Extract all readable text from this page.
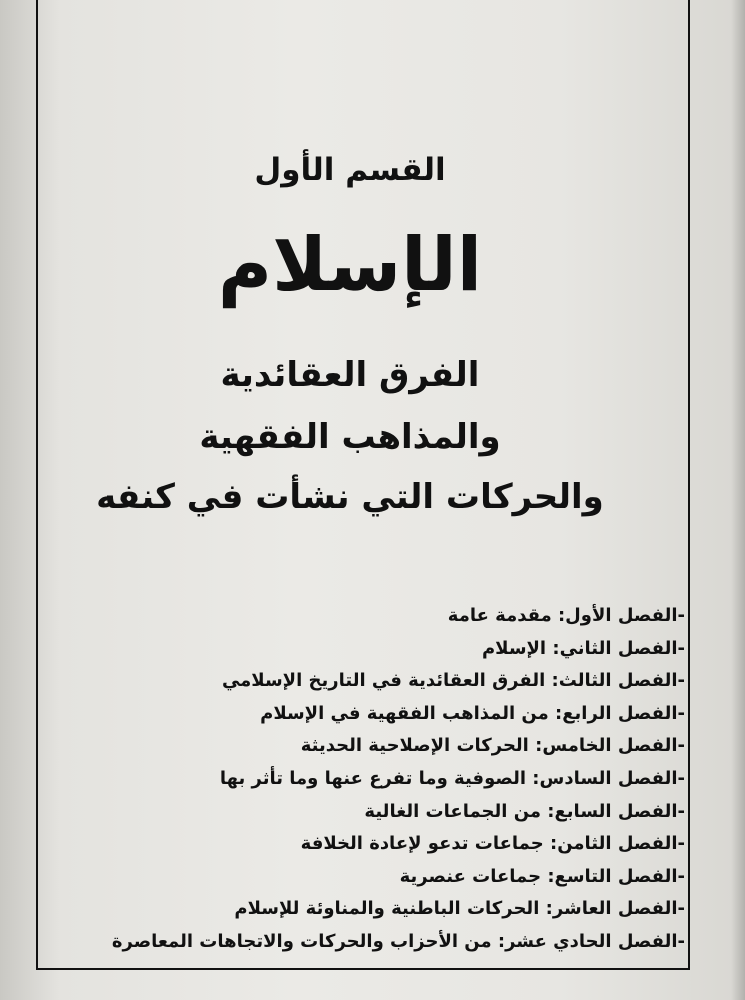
القسم الأول
الإسلام
الفرق العقائدية
والمذاهب الفقهية
والحركات التي نشأت في كنفه
-الفصل الأول: مقدمة عامة
-الفصل الثاني: الإسلام
-الفصل الثالث: الفرق العقائدية في التاريخ الإسلامي
-الفصل الرابع: من المذاهب الفقهية في الإسلام
-الفصل الخامس: الحركات الإصلاحية الحديثة
-الفصل السادس: الصوفية وما تفرع عنها وما تأثر بها
-الفصل السابع: من الجماعات الغالية
-الفصل الثامن: جماعات تدعو لإعادة الخلافة
-الفصل التاسع: جماعات عنصرية
-الفصل العاشر: الحركات الباطنية والمناوئة للإسلام
-الفصل الحادي عشر: من الأحزاب والحركات والاتجاهات المعاصرة
